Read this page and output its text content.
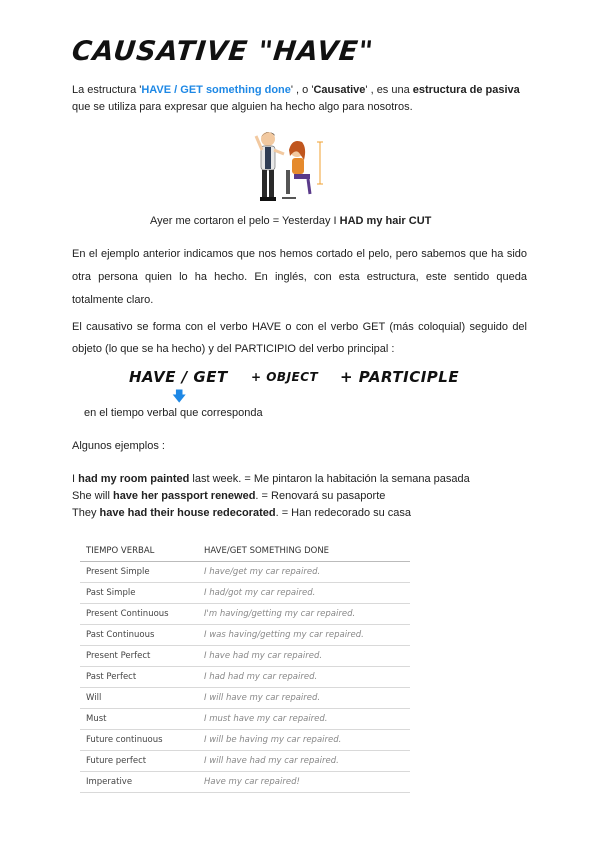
CAUSATIVE "HAVE"
La estructura 'HAVE / GET something done' , o 'Causative' , es una estructura de pasiva que se utiliza para expresar que alguien ha hecho algo para nosotros.
Ayer me cortaron el pelo = Yesterday I HAD my hair CUT
En el ejemplo anterior indicamos que nos hemos cortado el pelo, pero sabemos que ha sido otra persona quien lo ha hecho. En inglés, con esta estructura, este sentido queda totalmente claro.
El causativo se forma con el verbo HAVE o con el verbo GET (más coloquial) seguido del objeto (lo que se ha hecho) y del PARTICIPIO del verbo principal :
HAVE / GET + OBJECT + PARTICIPLE
🡇
en el tiempo verbal que corresponda
Algunos ejemplos :
I had my room painted last week. = Me pintaron la habitación la semana pasada
She will have her passport renewed. = Renovará su pasaporte
They have had their house redecorated. = Han redecorado su casa
TIEMPO VERBAL	HAVE/GET SOMETHING DONE
Present Simple	I have/get my car repaired.
Past Simple	I had/got my car repaired.
Present Continuous	I'm having/getting my car repaired.
Past Continuous	I was having/getting my car repaired.
Present Perfect	I have had my car repaired.
Past Perfect	I had had my car repaired.
Will	I will have my car repaired.
Must	I must have my car repaired.
Future continuous	I will be having my car repaired.
Future perfect	I will have had my car repaired.
Imperative	Have my car repaired!
